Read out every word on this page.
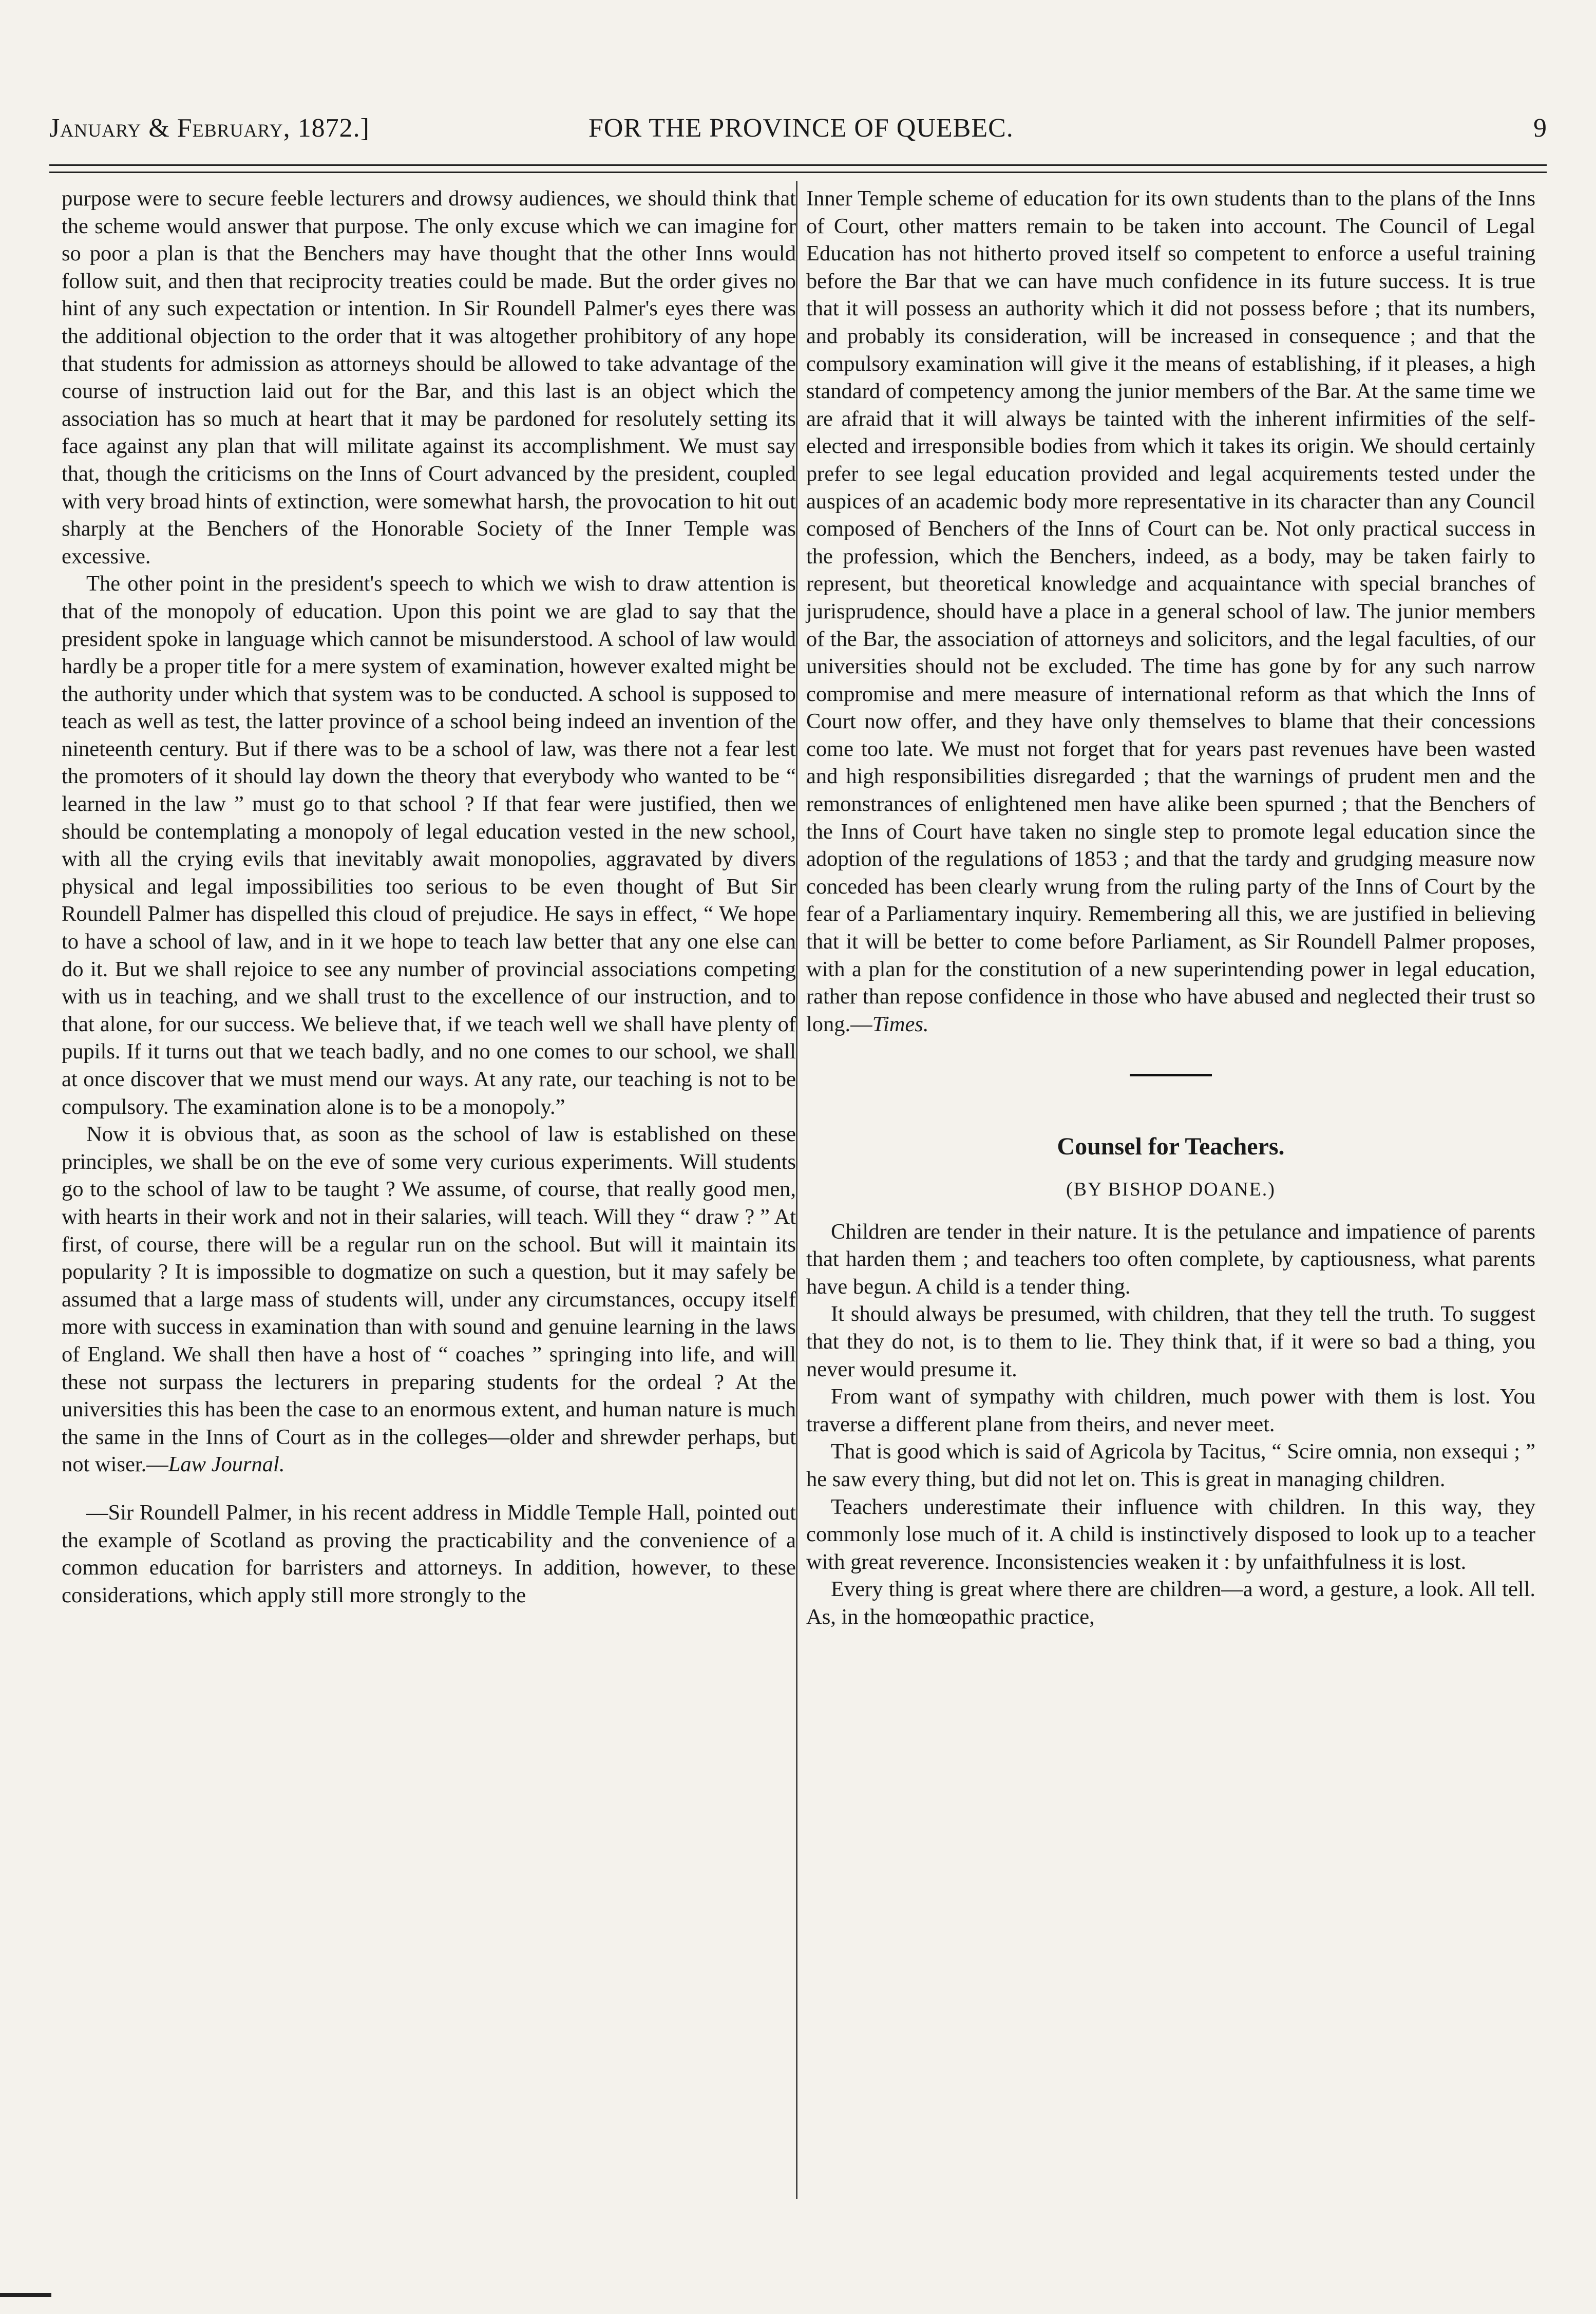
January & February, 1872.]	FOR THE PROVINCE OF QUEBEC.	9

purpose were to secure feeble lecturers and drowsy audiences, we should think that the scheme would answer that purpose. The only excuse which we can imagine for so poor a plan is that the Benchers may have thought that the other Inns would follow suit, and then that reciprocity treaties could be made. But the order gives no hint of any such expectation or intention. In Sir Roundell Palmer's eyes there was the additional objection to the order that it was altogether prohibitory of any hope that students for admission as attorneys should be allowed to take advantage of the course of instruction laid out for the Bar, and this last is an object which the association has so much at heart that it may be pardoned for resolutely setting its face against any plan that will militate against its accomplishment. We must say that, though the criticisms on the Inns of Court advanced by the president, coupled with very broad hints of extinction, were somewhat harsh, the provocation to hit out sharply at the Benchers of the Honorable Society of the Inner Temple was excessive.

The other point in the president's speech to which we wish to draw attention is that of the monopoly of education. Upon this point we are glad to say that the president spoke in language which cannot be misunderstood. A school of law would hardly be a proper title for a mere system of examination, however exalted might be the authority under which that system was to be conducted. A school is supposed to teach as well as test, the latter province of a school being indeed an invention of the nineteenth century. But if there was to be a school of law, was there not a fear lest the promoters of it should lay down the theory that everybody who wanted to be “ learned in the law ” must go to that school ? If that fear were justified, then we should be contemplating a monopoly of legal education vested in the new school, with all the crying evils that inevitably await monopolies, aggravated by divers physical and legal impossibilities too serious to be even thought of But Sir Roundell Palmer has dispelled this cloud of prejudice. He says in effect, “ We hope to have a school of law, and in it we hope to teach law better that any one else can do it. But we shall rejoice to see any number of provincial associations competing with us in teaching, and we shall trust to the excellence of our instruction, and to that alone, for our success. We believe that, if we teach well we shall have plenty of pupils. If it turns out that we teach badly, and no one comes to our school, we shall at once discover that we must mend our ways. At any rate, our teaching is not to be compulsory. The examination alone is to be a monopoly.”

Now it is obvious that, as soon as the school of law is established on these principles, we shall be on the eve of some very curious experiments. Will students go to the school of law to be taught ? We assume, of course, that really good men, with hearts in their work and not in their salaries, will teach. Will they “ draw ? ” At first, of course, there will be a regular run on the school. But will it maintain its popularity ? It is impossible to dogmatize on such a question, but it may safely be assumed that a large mass of students will, under any circumstances, occupy itself more with success in examination than with sound and genuine learning in the laws of England. We shall then have a host of “ coaches ” springing into life, and will these not surpass the lecturers in preparing students for the ordeal ? At the universities this has been the case to an enormous extent, and human nature is much the same in the Inns of Court as in the colleges—older and shrewder perhaps, but not wiser.—Law Journal.

—Sir Roundell Palmer, in his recent address in Middle Temple Hall, pointed out the example of Scotland as proving the practicability and the convenience of a common education for barristers and attorneys. In addition, however, to these considerations, which apply still more strongly to the

Inner Temple scheme of education for its own students than to the plans of the Inns of Court, other matters remain to be taken into account. The Council of Legal Education has not hitherto proved itself so competent to enforce a useful training before the Bar that we can have much confidence in its future success. It is true that it will possess an authority which it did not possess before ; that its numbers, and probably its consideration, will be increased in consequence ; and that the compulsory examination will give it the means of establishing, if it pleases, a high standard of competency among the junior members of the Bar. At the same time we are afraid that it will always be tainted with the inherent infirmities of the self-elected and irresponsible bodies from which it takes its origin. We should certainly prefer to see legal education provided and legal acquirements tested under the auspices of an academic body more representative in its character than any Council composed of Benchers of the Inns of Court can be. Not only practical success in the profession, which the Benchers, indeed, as a body, may be taken fairly to represent, but theoretical knowledge and acquaintance with special branches of jurisprudence, should have a place in a general school of law. The junior members of the Bar, the association of attorneys and solicitors, and the legal faculties, of our universities should not be excluded. The time has gone by for any such narrow compromise and mere measure of international reform as that which the Inns of Court now offer, and they have only themselves to blame that their concessions come too late. We must not forget that for years past revenues have been wasted and high responsibilities disregarded ; that the warnings of prudent men and the remonstrances of enlightened men have alike been spurned ; that the Benchers of the Inns of Court have taken no single step to promote legal education since the adoption of the regulations of 1853 ; and that the tardy and grudging measure now conceded has been clearly wrung from the ruling party of the Inns of Court by the fear of a Parliamentary inquiry. Remembering all this, we are justified in believing that it will be better to come before Parliament, as Sir Roundell Palmer proposes, with a plan for the constitution of a new superintending power in legal education, rather than repose confidence in those who have abused and neglected their trust so long.—Times.

Counsel for Teachers.

(BY BISHOP DOANE.)

Children are tender in their nature. It is the petulance and impatience of parents that harden them ; and teachers too often complete, by captiousness, what parents have begun. A child is a tender thing.

It should always be presumed, with children, that they tell the truth. To suggest that they do not, is to them to lie. They think that, if it were so bad a thing, you never would presume it.

From want of sympathy with children, much power with them is lost. You traverse a different plane from theirs, and never meet.

That is good which is said of Agricola by Tacitus, “ Scire omnia, non exsequi ; ” he saw every thing, but did not let on. This is great in managing children.

Teachers underestimate their influence with children. In this way, they commonly lose much of it. A child is instinctively disposed to look up to a teacher with great reverence. Inconsistencies weaken it : by unfaithfulness it is lost.

Every thing is great where there are children—a word, a gesture, a look. All tell. As, in the homœopathic practice,
